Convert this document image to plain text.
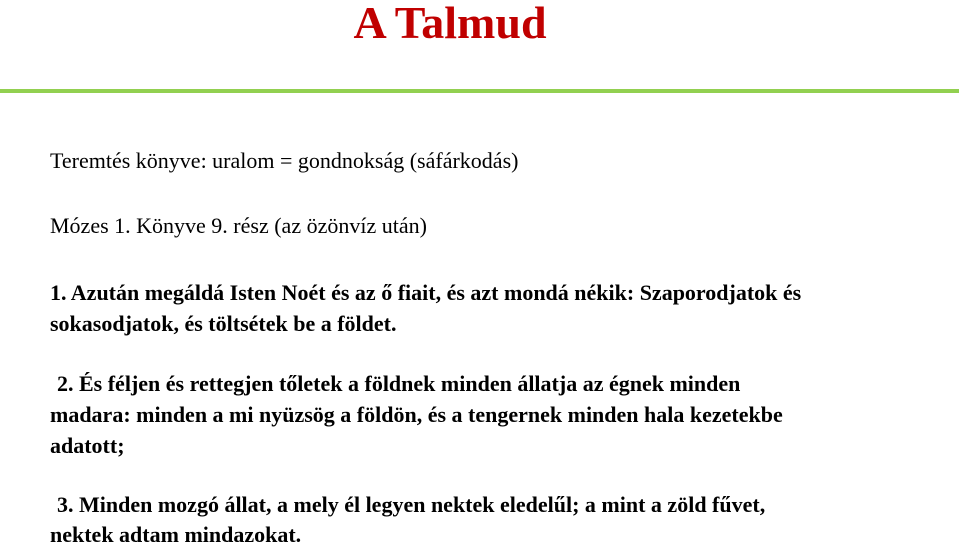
A Talmud

Teremtés könyve: uralom = gondnokság (sáfárkodás)

Mózes 1. Könyve 9. rész (az özönvíz után)

1. Azután megáldá Isten Noét és az ő fiait, és azt mondá nékik: Szaporodjatok és

sokasodjatok, és töltsétek be a földet.

2. És féljen és rettegjen tőletek a földnek minden állatja az égnek minden

madara: minden a mi nyüzsög a földön, és a tengernek minden hala kezetekbe

adatott;

3. Minden mozgó állat, a mely él legyen nektek eledelűl; a mint a zöld fűvet,

nektek adtam mindazokat.
